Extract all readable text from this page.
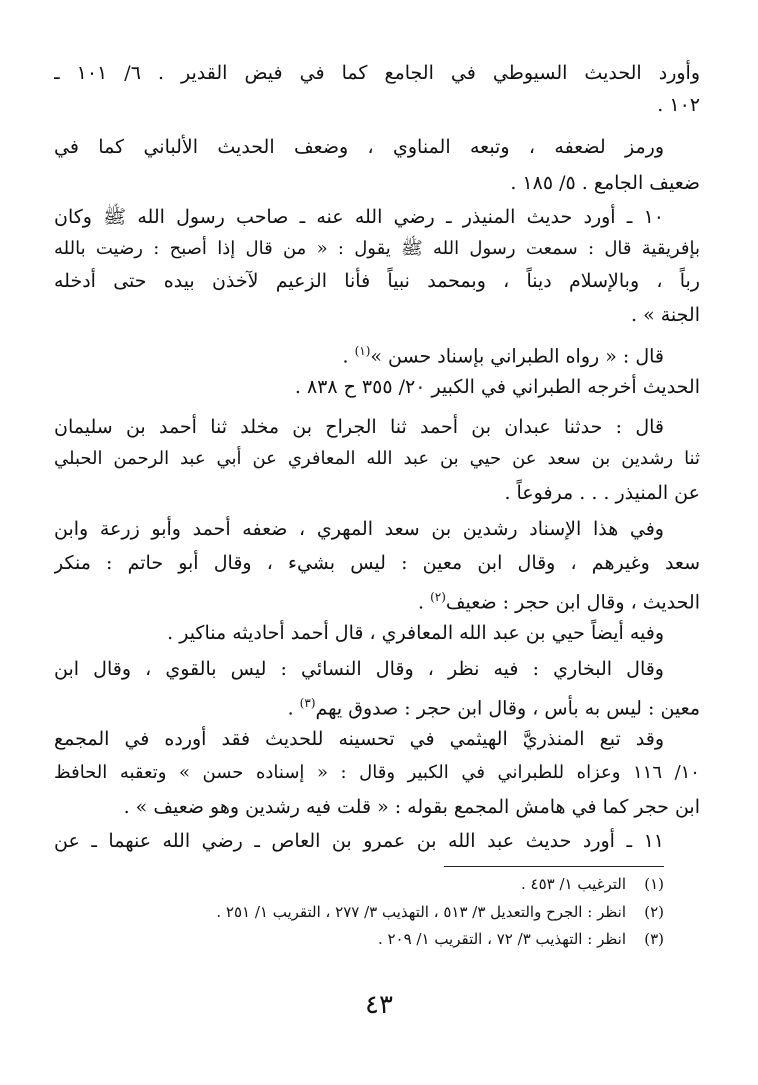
وأورد الحديث السيوطي في الجامع كما في فيض القدير . ٦/ ١٠١ ـ
١٠٢ .
ورمز لضعفه ، وتبعه المناوي ، وضعف الحديث الألباني كما في
ضعيف الجامع . ٥/ ١٨٥ .
١٠ ـ أورد حديث المنيذر ـ رضي الله عنه ـ صاحب رسول الله ﷺ وكان
بإفريقية قال : سمعت رسول الله ﷺ يقول : « من قال إذا أصبح : رضيت بالله
رباً ، وبالإسلام ديناً ، وبمحمد نبياً فأنا الزعيم لآخذن بيده حتى أدخله
الجنة » .
قال : « رواه الطبراني بإسناد حسن »$^{(١)}$ .
الحديث أخرجه الطبراني في الكبير ٢٠/ ٣٥٥ ح ٨٣٨ .
قال : حدثنا عبدان بن أحمد ثنا الجراح بن مخلد ثنا أحمد بن سليمان
ثنا رشدين بن سعد عن حيي بن عبد الله المعافري عن أبي عبد الرحمن الحبلي
عن المنيذر . . . مرفوعاً .
وفي هذا الإسناد رشدين بن سعد المهري ، ضعفه أحمد وأبو زرعة وابن
سعد وغيرهم ، وقال ابن معين : ليس بشيء ، وقال أبو حاتم : منكر
الحديث ، وقال ابن حجر : ضعيف$^{(٢)}$ .
وفيه أيضاً حيي بن عبد الله المعافري ، قال أحمد أحاديثه مناكير .
وقال البخاري : فيه نظر ، وقال النسائي : ليس بالقوي ، وقال ابن
معين : ليس به بأس ، وقال ابن حجر : صدوق يهم$^{(٣)}$ .
وقد تبع المنذريَّ الهيثمي في تحسينه للحديث فقد أورده في المجمع
١٠/ ١١٦ وعزاه للطبراني في الكبير وقال : « إسناده حسن » وتعقبه الحافظ
ابن حجر كما في هامش المجمع بقوله : « قلت فيه رشدين وهو ضعيف » .
١١ ـ أورد حديث عبد الله بن عمرو بن العاص ـ رضي الله عنهما ـ عن
(١)الترغيب ١/ ٤٥٣ .
(٢)انظر : الجرح والتعديل ٣/ ٥١٣ ، التهذيب ٣/ ٢٧٧ ، التقريب ١/ ٢٥١ .
(٣)انظر : التهذيب ٣/ ٧٢ ، التقريب ١/ ٢٠٩ .
٤٣
